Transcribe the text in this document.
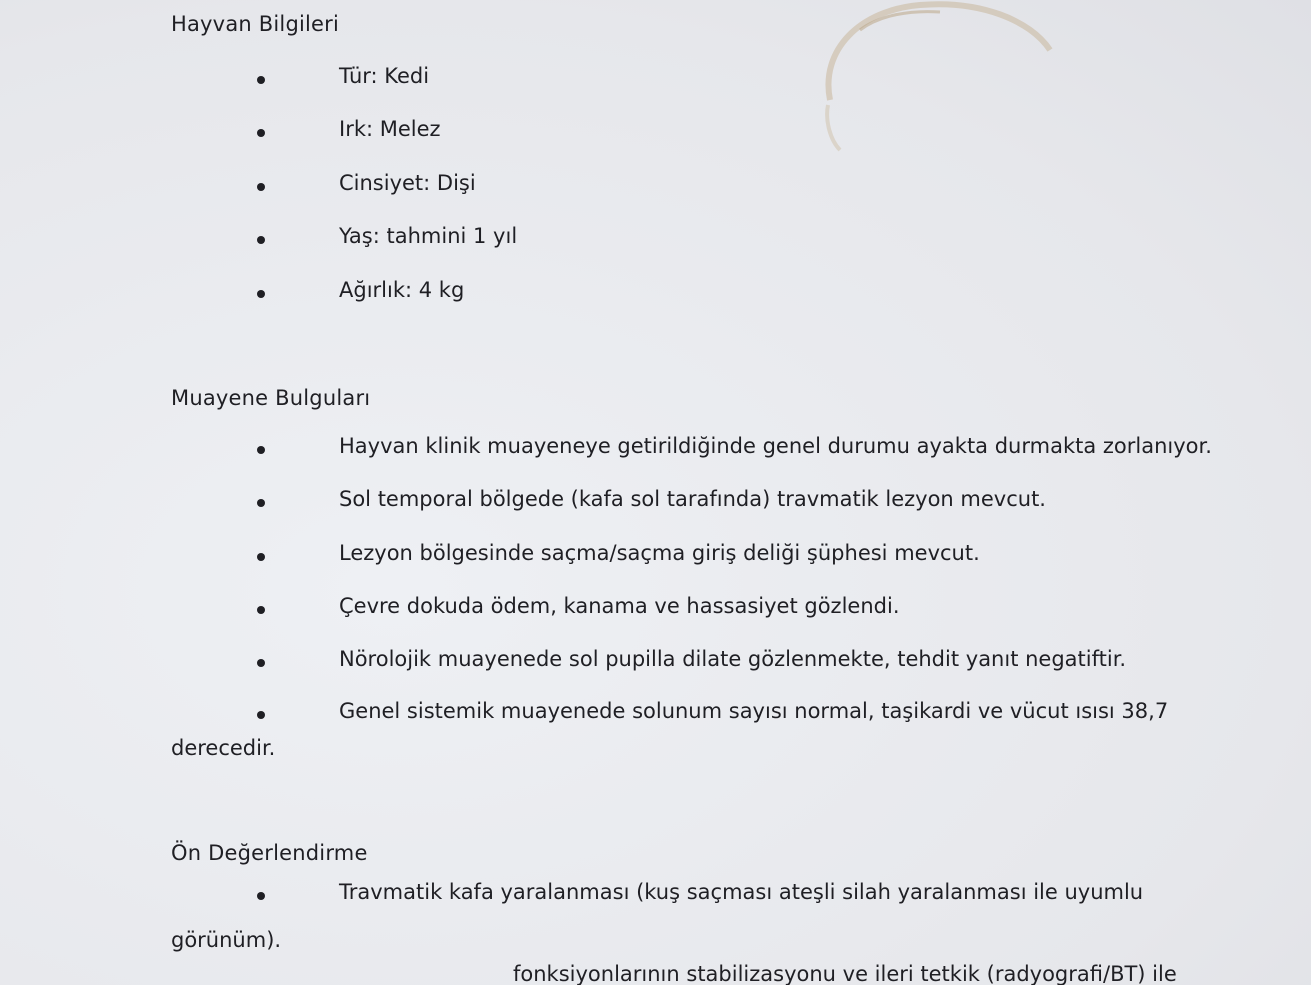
Hayvan Bilgileri
Tür: Kedi
Irk: Melez
Cinsiyet: Dişi
Yaş: tahmini 1 yıl
Ağırlık: 4 kg
Muayene Bulguları
Hayvan klinik muayeneye getirildiğinde genel durumu ayakta durmakta zorlanıyor.
Sol temporal bölgede (kafa sol tarafında) travmatik lezyon mevcut.
Lezyon bölgesinde saçma/saçma giriş deliği şüphesi mevcut.
Çevre dokuda ödem, kanama ve hassasiyet gözlendi.
Nörolojik muayenede sol pupilla dilate gözlenmekte, tehdit yanıt negatiftir.
Genel sistemik muayenede solunum sayısı normal, taşikardi ve vücut ısısı 38,7
derecedir.
Ön Değerlendirme
Travmatik kafa yaralanması (kuş saçması ateşli silah yaralanması ile uyumlu
görünüm).
fonksiyonlarının stabilizasyonu ve ileri tetkik (radyografi/BT) ile
